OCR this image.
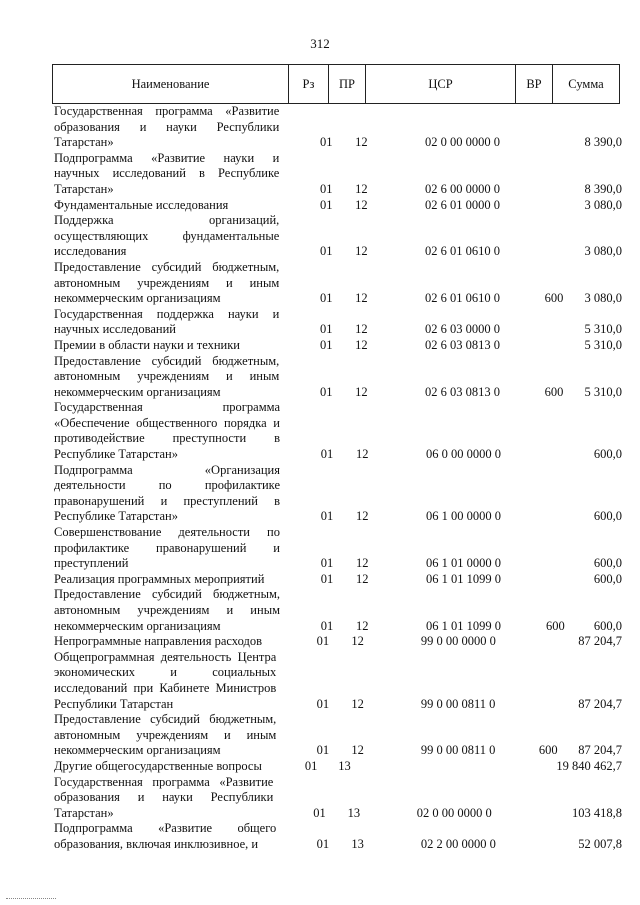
312
Наименование	Рз	ПР	ЦСР	ВР	Сумма
Государственная программа «Развитие образования и науки Республики Татарстан»	01	12	02 0 00 0000 0	8 390,0
Подпрограмма «Развитие науки и научных исследований в Республике Татарстан»	01	12	02 6 00 0000 0	8 390,0
Фундаментальные исследования	01	12	02 6 01 0000 0	3 080,0
Поддержка организаций, осуществляющих фундаментальные исследования	01	12	02 6 01 0610 0	3 080,0
Предоставление субсидий бюджетным, автономным учреждениям и иным некоммерческим организациям	01	12	02 6 01 0610 0	600	3 080,0
Государственная поддержка науки и научных исследований	01	12	02 6 03 0000 0	5 310,0
Премии в области науки и техники	01	12	02 6 03 0813 0	5 310,0
Предоставление субсидий бюджетным, автономным учреждениям и иным некоммерческим организациям	01	12	02 6 03 0813 0	600	5 310,0
Государственная программа «Обеспечение общественного порядка и противодействие преступности в Республике Татарстан»	01	12	06 0 00 0000 0	600,0
Подпрограмма «Организация деятельности по профилактике правонарушений и преступлений в Республике Татарстан»	01	12	06 1 00 0000 0	600,0
Совершенствование деятельности по профилактике правонарушений и преступлений	01	12	06 1 01 0000 0	600,0
Реализация программных мероприятий	01	12	06 1 01 1099 0	600,0
Предоставление субсидий бюджетным, автономным учреждениям и иным некоммерческим организациям	01	12	06 1 01 1099 0	600	600,0
Непрограммные направления расходов	01	12	99 0 00 0000 0	87 204,7
Общепрограммная деятельность Центра экономических и социальных исследований при Кабинете Министров Республики Татарстан	01	12	99 0 00 0811 0	87 204,7
Предоставление субсидий бюджетным, автономным учреждениям и иным некоммерческим организациям	01	12	99 0 00 0811 0	600	87 204,7
Другие общегосударственные вопросы	01	13	19 840 462,7
Государственная программа «Развитие образования и науки Республики Татарстан»	01	13	02 0 00 0000 0	103 418,8
Подпрограмма «Развитие общего образования, включая инклюзивное, и	01	13	02 2 00 0000 0	52 007,8
